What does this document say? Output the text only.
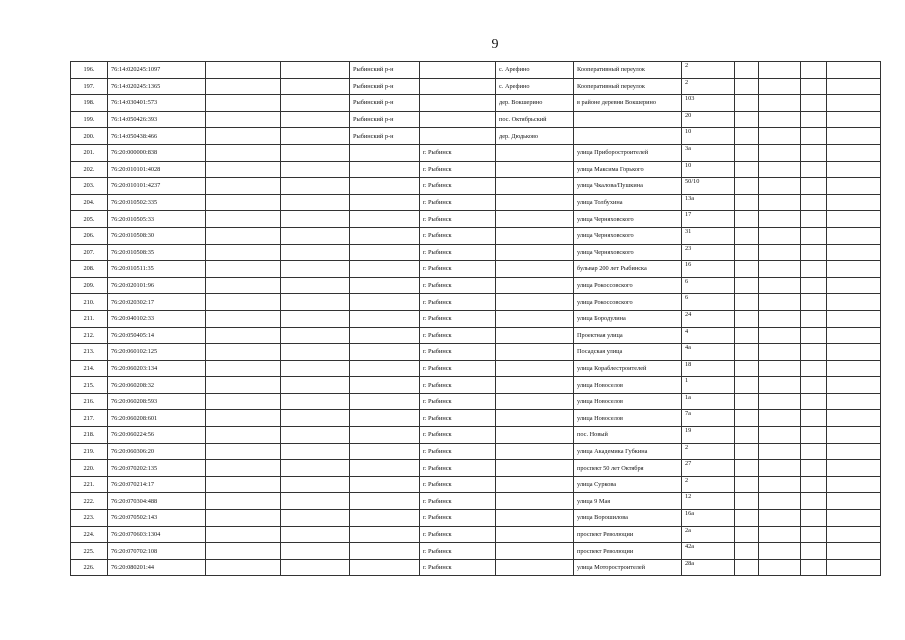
9
196.	76:14:020245:1097			Рыбинский р-н		с. Арефино	Кооперативный переулок	2				
197.	76:14:020245:1365			Рыбинский р-н		с. Арефино	Кооперативный переулок	2				
198.	76:14:030401:573			Рыбинский р-н		дер. Вокшерино	в районе деревни Вокшерино	103				
199.	76:14:050426:393			Рыбинский р-н		пос. Октябрьский		20				
200.	76:14:050438:466			Рыбинский р-н		дер. Дюдьково		10				
201.	76:20:000000:838				г. Рыбинск		улица Приборостроителей	3а				
202.	76:20:010101:4028				г. Рыбинск		улица Максима Горького	10				
203.	76:20:010101:4237				г. Рыбинск		улица Чкалова/Пушкина	50/10				
204.	76:20:010502:335				г. Рыбинск		улица Толбухина	13а				
205.	76:20:010505:33				г. Рыбинск		улица Черняховского	17				
206.	76:20:010508:30				г. Рыбинск		улица Черняховского	31				
207.	76:20:010508:35				г. Рыбинск		улица Черняховского	23				
208.	76:20:010511:35				г. Рыбинск		бульвар 200 лет Рыбинска	16				
209.	76:20:020101:96				г. Рыбинск		улица Рокоссовского	6				
210.	76:20:020302:17				г. Рыбинск		улица Рокоссовского	6				
211.	76:20:040102:33				г. Рыбинск		улица Бородулина	24				
212.	76:20:050405:14				г. Рыбинск		Проектная улица	4				
213.	76:20:060102:125				г. Рыбинск		Посадская улица	4а				
214.	76:20:060203:134				г. Рыбинск		улица Кораблестроителей	18				
215.	76:20:060208:32				г. Рыбинск		улица Новоселов	1				
216.	76:20:060208:593				г. Рыбинск		улица Новоселов	1а				
217.	76:20:060208:601				г. Рыбинск		улица Новоселов	7а				
218.	76:20:060224:56				г. Рыбинск		пос. Новый	19				
219.	76:20:060306:20				г. Рыбинск		улица Академика Губкина	2				
220.	76:20:070202:135				г. Рыбинск		проспект 50 лет Октября	27				
221.	76:20:070214:17				г. Рыбинск		улица Суркова	2				
222.	76:20:070304:488				г. Рыбинск		улица 9 Мая	12				
223.	76:20:070502:143				г. Рыбинск		улица Ворошилова	16а				
224.	76:20:070603:1304				г. Рыбинск		проспект Революции	2а				
225.	76:20:070702:108				г. Рыбинск		проспект Революции	42а				
226.	76:20:080201:44				г. Рыбинск		улица Моторостроителей	28а				
